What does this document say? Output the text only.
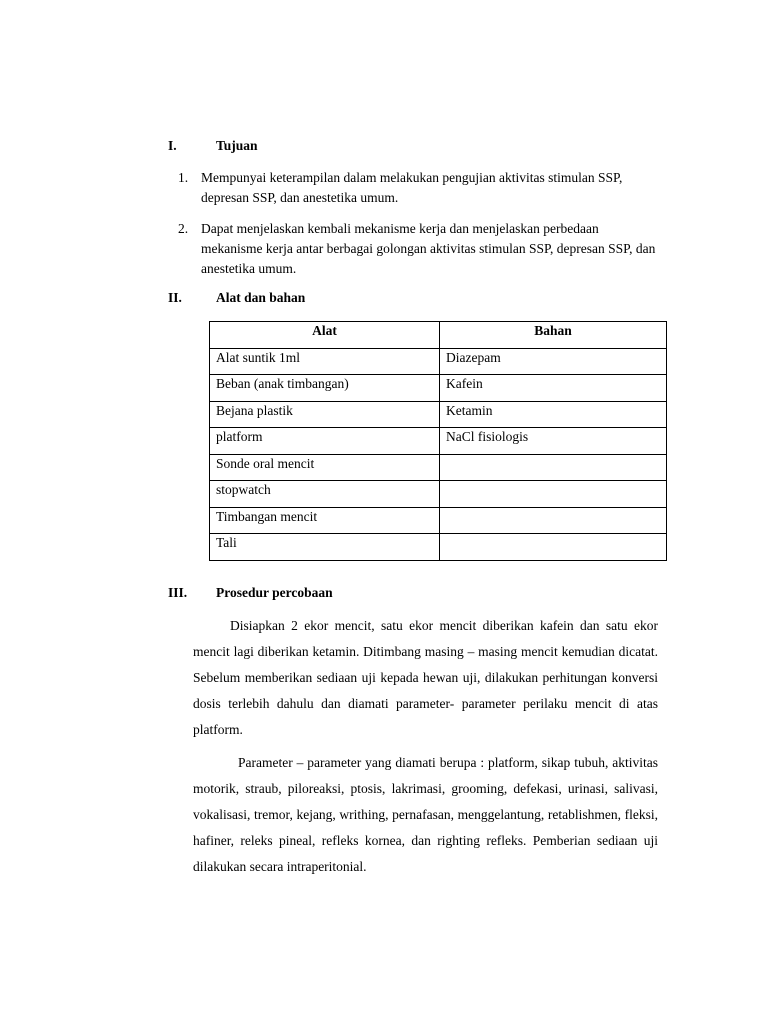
I.	Tujuan
1. Mempunyai keterampilan dalam melakukan pengujian aktivitas stimulan SSP, depresan SSP, dan anestetika umum.
2. Dapat menjelaskan kembali mekanisme kerja dan menjelaskan perbedaan mekanisme kerja antar berbagai golongan aktivitas stimulan SSP, depresan SSP, dan anestetika umum.
II.	Alat dan bahan
Alat	Bahan
Alat suntik 1ml	Diazepam
Beban (anak timbangan)	Kafein
Bejana plastik	Ketamin
platform	NaCl fisiologis
Sonde oral mencit	
stopwatch	
Timbangan mencit	
Tali	
III. Prosedur percobaan
Disiapkan 2 ekor mencit, satu ekor mencit diberikan kafein dan satu ekor mencit lagi diberikan ketamin. Ditimbang masing – masing mencit kemudian dicatat. Sebelum memberikan sediaan uji kepada hewan uji, dilakukan perhitungan konversi dosis terlebih dahulu dan diamati parameter- parameter perilaku mencit di atas platform.
Parameter – parameter yang diamati berupa : platform, sikap tubuh, aktivitas motorik, straub, piloreaksi, ptosis, lakrimasi, grooming, defekasi, urinasi, salivasi, vokalisasi, tremor, kejang, writhing, pernafasan, menggelantung, retablishmen, fleksi, hafiner, releks pineal, refleks kornea, dan righting refleks. Pemberian sediaan uji dilakukan secara intraperitonial.
